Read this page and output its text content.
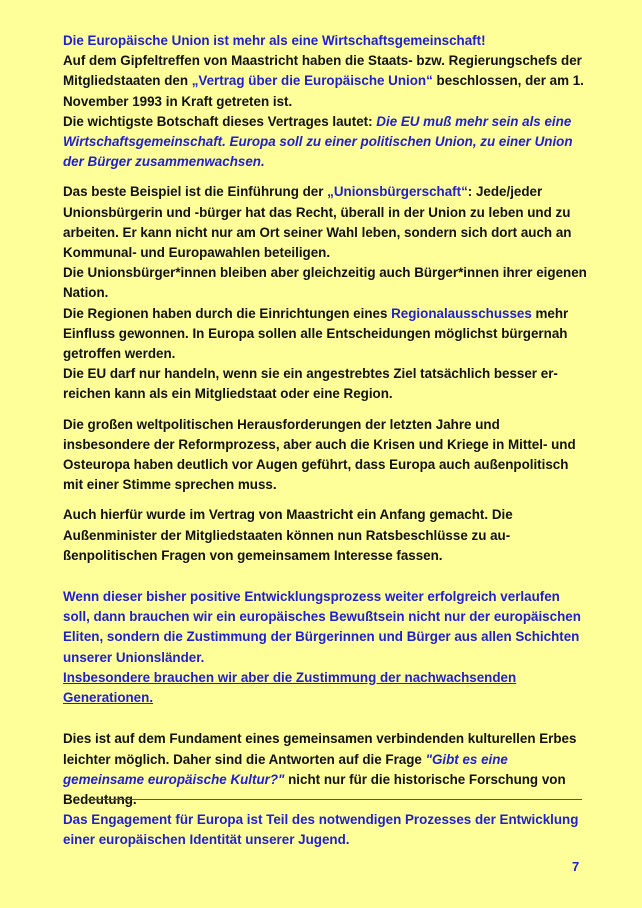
Die Europäische Union ist mehr als eine Wirtschaftsgemeinschaft!

Auf dem Gipfeltreffen von Maastricht haben die Staats- bzw. Regierungschefs der Mitgliedstaaten den „Vertrag über die Europäische Union“ beschlossen, der am 1. November 1993 in Kraft getreten ist.

Die wichtigste Botschaft dieses Vertrages lautet: Die EU muß mehr sein als eine Wirtschaftsgemeinschaft. Europa soll zu einer politischen Union, zu einer Union der Bürger zusammenwachsen.

Das beste Beispiel ist die Einführung der „Unionsbürgerschaft“: Jede/jeder Unionsbürgerin und -bürger hat das Recht, überall in der Union zu leben und zu arbeiten. Er kann nicht nur am Ort seiner Wahl leben, sondern sich dort auch an Kommunal- und Europawahlen beteiligen.

Die Unionsbürger*innen bleiben aber gleichzeitig auch Bürger*innen ihrer eigenen Nation.

Die Regionen haben durch die Einrichtungen eines Regionalausschusses mehr Einfluss gewonnen. In Europa sollen alle Entscheidungen möglichst bürgernah getroffen werden.

Die EU darf nur handeln, wenn sie ein angestrebtes Ziel tatsächlich besser erreichen kann als ein Mitgliedstaat oder eine Region.

Die großen weltpolitischen Herausforderungen der letzten Jahre und insbesondere der Reformprozess, aber auch die Krisen und Kriege in Mittel- und Osteuropa haben deutlich vor Augen geführt, dass Europa auch außenpolitisch mit einer Stimme sprechen muss.

Auch hierfür wurde im Vertrag von Maastricht ein Anfang gemacht. Die Außenminister der Mitgliedstaaten können nun Ratsbeschlüsse zu außenpolitischen Fragen von gemeinsamem Interesse fassen.

Wenn dieser bisher positive Entwicklungsprozess weiter erfolgreich verlaufen soll, dann brauchen wir ein europäisches Bewußtsein nicht nur der europäischen Eliten, sondern die Zustimmung der Bürgerinnen und Bürger aus allen Schichten unserer Unionsländer.

Insbesondere brauchen wir aber die Zustimmung der nachwachsenden Generationen.

Dies ist auf dem Fundament eines gemeinsamen verbindenden kulturellen Erbes leichter möglich. Daher sind die Antworten auf die Frage "Gibt es eine gemeinsame europäische Kultur?" nicht nur für die historische Forschung von Bedeutung.

Das Engagement für Europa ist Teil des notwendigen Prozesses der Entwicklung einer europäischen Identität unserer Jugend.

7
